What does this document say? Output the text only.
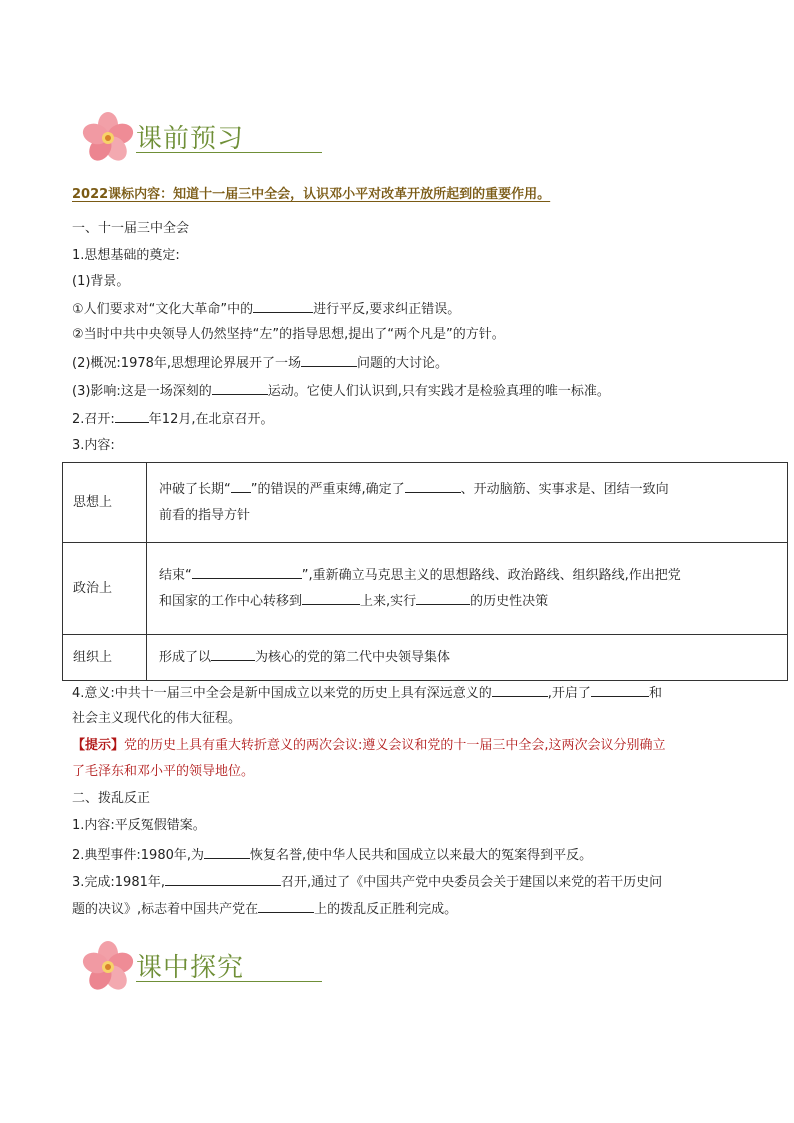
课前预习
2022课标内容：知道十一届三中全会，认识邓小平对改革开放所起到的重要作用。
一、十一届三中全会
1.思想基础的奠定:
(1)背景。
①人们要求对“文化大革命”中的	进行平反,要求纠正错误。
②当时中共中央领导人仍然坚持“左”的指导思想,提出了“两个凡是”的方针。
(2)概况:1978年,思想理论界展开了一场	问题的大讨论。
(3)影响:这是一场深刻的	运动。它使人们认识到,只有实践才是检验真理的唯一标准。
2.召开:	年12月,在北京召开。
3.内容:
思想上	冲破了长期“ ”的错误的严重束缚,确定了 、开动脑筋、实事求是、团结一致向
前看的指导方针

政治上	结束“ ”,重新确立马克思主义的思想路线、政治路线、组织路线,作出把党
和国家的工作中心转移到 上来,实行 的历史性决策

组织上	形成了以 为核心的党的第二代中央领导集体
4.意义:中共十一届三中全会是新中国成立以来党的历史上具有深远意义的	,开启了	和
社会主义现代化的伟大征程。
【提示】党的历史上具有重大转折意义的两次会议:遵义会议和党的十一届三中全会,这两次会议分别确立
了毛泽东和邓小平的领导地位。
二、拨乱反正
1.内容:平反冤假错案。
2.典型事件:1980年,为	恢复名誉,使中华人民共和国成立以来最大的冤案得到平反。
3.完成:1981年,	召开,通过了《中国共产党中央委员会关于建国以来党的若干历史问
题的决议》,标志着中国共产党在	上的拨乱反正胜利完成。
课中探究
